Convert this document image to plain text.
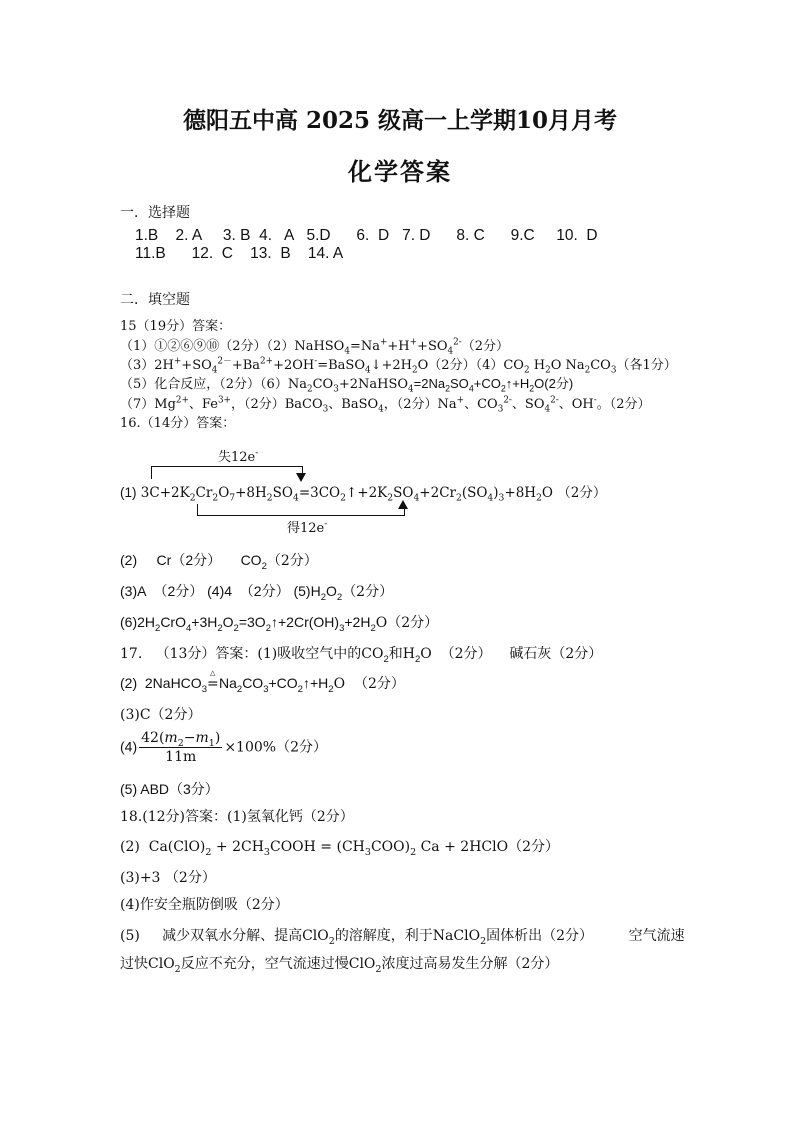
德阳五中高 2025 级高一上学期10月月考
化学答案
一．选择题
1.B    2. A     3. B  4.   A   5.D      6.  D   7. D      8. C      9.C     10.  D
11.B      12.  C    13.  B    14. A
二．填空题
15（19分）答案：
（1）①②⑥⑨⑩（2分）$(2)NaHSO_4=Na^++H^++SO_4^{2-}(2$分）
$(3)2H^++SO_4^{2-}+Ba^{2+}+2OH^-=BaSO_4↓+2H_2O(2$分）$(4)CO_2$ $H_2O$ $Na_2CO_3$（各1分）
（5）化合反应，（2分）$(6)Na_2CO_3+2NaHSO_4=2Na_2SO_4+CO_2↑+H_2O(2$分)
$(7)Mg^{2+}$、$Fe^{3+}$，（2分）BaCO$_3$、BaSO$_4$，（2分）Na+、$CO_3^{2-}$、$SO_4^{2-}$、OH-。（2分）
16.（14分）答案：
失12e-
(1) $3C+2K_2Cr_2O_7+8H_2SO_4=3CO_2↑+2K_2SO_4+2Cr_2(SO_4)_3+8H_2O$ （2分）
得12e-
(2)     Cr（2分）     $CO_2(2$分）
(3)A  （2分） (4)4  （2分） $(5)H_2O_2(2$分）
$(6)2H_2CrO_4+3H_2O_2=3O_2↑+2Cr(OH)_3+2H_2O(2$分）
17.   （13分）答案：(1)吸收空气中的$CO_2$和$H_2O$  （2分）    碱石灰（2分）
(2)  2NaHCO$_3$
△
$=Na_2CO_3+CO_2↑+H_2O$  （2分）
(3)C（2分）
$(4) \frac{42(m_2-m_1)}{11m} \times 100\%(2$分）
(5) ABD（3分）
18.(12分)答案：(1)氢氧化钙（2分）
(2)  $Ca(ClO)_2$ + $2CH_3COOH = (CH_3COO)_2$ Ca + 2HClO（2分）
(3)+3 （2分）
(4)作安全瓶防倒吸（2分）
(5)     减少双氧水分解、提高ClO$_2$的溶解度，利于NaClO$_2$固体析出（2分）        空气流速
过快ClO$_2$反应不充分，空气流速过慢ClO$_2$浓度过高易发生分解（2分）
